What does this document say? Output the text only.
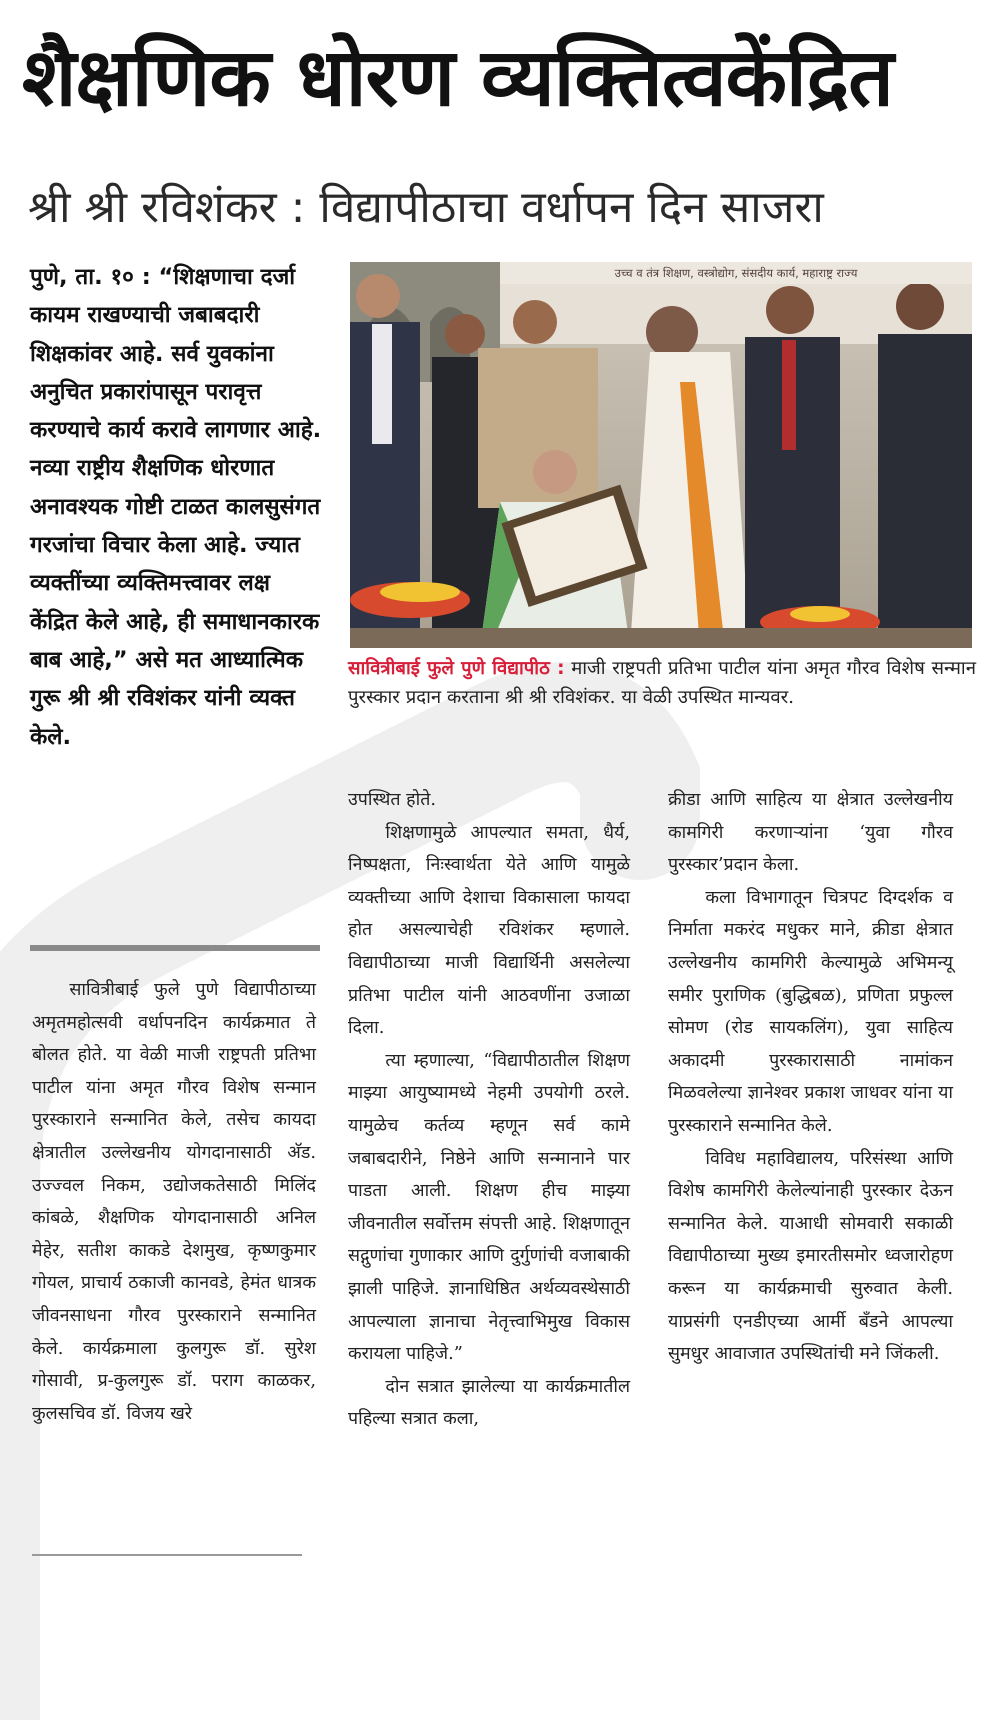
शैक्षणिक धोरण व्यक्तित्वकेंद्रित
श्री श्री रविशंकर : विद्यापीठाचा वर्धापन दिन साजरा
पुणे, ता. १० : “शिक्षणाचा दर्जा कायम राखण्याची जबाबदारी शिक्षकांवर आहे. सर्व युवकांना अनुचित प्रकारांपासून परावृत्त करण्याचे कार्य करावे लागणार आहे. नव्या राष्ट्रीय शैक्षणिक धोरणात अनावश्यक गोष्टी टाळत कालसुसंगत गरजांचा विचार केला आहे. ज्यात व्यक्तींच्या व्यक्तिमत्त्वावर लक्ष केंद्रित केले आहे, ही समाधानकारक बाब आहे,” असे मत आध्यात्मिक गुरू श्री श्री रविशंकर यांनी व्यक्त केले.
उच्च व तंत्र शिक्षण, वस्त्रोद्योग, संसदीय कार्य, महाराष्ट्र राज्य
सावित्रीबाई फुले पुणे विद्यापीठ : माजी राष्ट्रपती प्रतिभा पाटील यांना अमृत गौरव विशेष सन्मान पुरस्कार प्रदान करताना श्री श्री रविशंकर. या वेळी उपस्थित मान्यवर.

सावित्रीबाई फुले पुणे विद्यापीठाच्या अमृतमहोत्सवी वर्धापनदिन कार्यक्रमात ते बोलत होते. या वेळी माजी राष्ट्रपती प्रतिभा पाटील यांना अमृत गौरव विशेष सन्मान पुरस्काराने सन्मानित केले, तसेच कायदा क्षेत्रातील उल्लेखनीय योगदानासाठी अ‍ॅड. उज्ज्वल निकम, उद्योजकतेसाठी मिलिंद कांबळे, शैक्षणिक योगदानासाठी अनिल मेहेर, सतीश काकडे देशमुख, कृष्णकुमार गोयल, प्राचार्य ठकाजी कानवडे, हेमंत धात्रक जीवनसाधना गौरव पुरस्काराने सन्मानित केले. कार्यक्रमाला कुलगुरू डॉ. सुरेश गोसावी, प्र-कुलगुरू डॉ. पराग काळकर, कुलसचिव डॉ. विजय खरे

उपस्थित होते.

शिक्षणामुळे आपल्यात समता, धैर्य, निष्पक्षता, निःस्वार्थता येते आणि यामुळे व्यक्तीच्या आणि देशाचा विकासाला फायदा होत असल्याचेही रविशंकर म्हणाले. विद्यापीठाच्या माजी विद्यार्थिनी असलेल्या प्रतिभा पाटील यांनी आठवणींना उजाळा दिला.

त्या म्हणाल्या, “विद्यापीठातील शिक्षण माझ्या आयुष्यामध्ये नेहमी उपयोगी ठरले. यामुळेच कर्तव्य म्हणून सर्व कामे जबाबदारीने, निष्ठेने आणि सन्मानाने पार पाडता आली. शिक्षण हीच माझ्या जीवनातील सर्वोत्तम संपत्ती आहे. शिक्षणातून सद्गुणांचा गुणाकार आणि दुर्गुणांची वजाबाकी झाली पाहिजे. ज्ञानाधिष्ठित अर्थव्यवस्थेसाठी आपल्याला ज्ञानाचा नेतृत्त्वाभिमुख विकास करायला पाहिजे.”

दोन सत्रात झालेल्या या कार्यक्रमातील पहिल्या सत्रात कला,

क्रीडा आणि साहित्य या क्षेत्रात उल्लेखनीय कामगिरी करणाऱ्यांना ‘युवा गौरव पुरस्कार’प्रदान केला.

कला विभागातून चित्रपट दिग्दर्शक व निर्माता मकरंद मधुकर माने, क्रीडा क्षेत्रात उल्लेखनीय कामगिरी केल्यामुळे अभिमन्यू समीर पुराणिक (बुद्धिबळ), प्रणिता प्रफुल्ल सोमण (रोड सायकलिंग), युवा साहित्य अकादमी पुरस्कारासाठी नामांकन मिळवलेल्या ज्ञानेश्वर प्रकाश जाधवर यांना या पुरस्काराने सन्मानित केले.

विविध महाविद्यालय, परिसंस्था आणि विशेष कामगिरी केलेल्यांनाही पुरस्कार देऊन सन्मानित केले. याआधी सोमवारी सकाळी विद्यापीठाच्या मुख्य इमारतीसमोर ध्वजारोहण करून या कार्यक्रमाची सुरुवात केली. याप्रसंगी एनडीएच्या आर्मी बँडने आपल्या सुमधुर आवाजात उपस्थितांची मने जिंकली.
